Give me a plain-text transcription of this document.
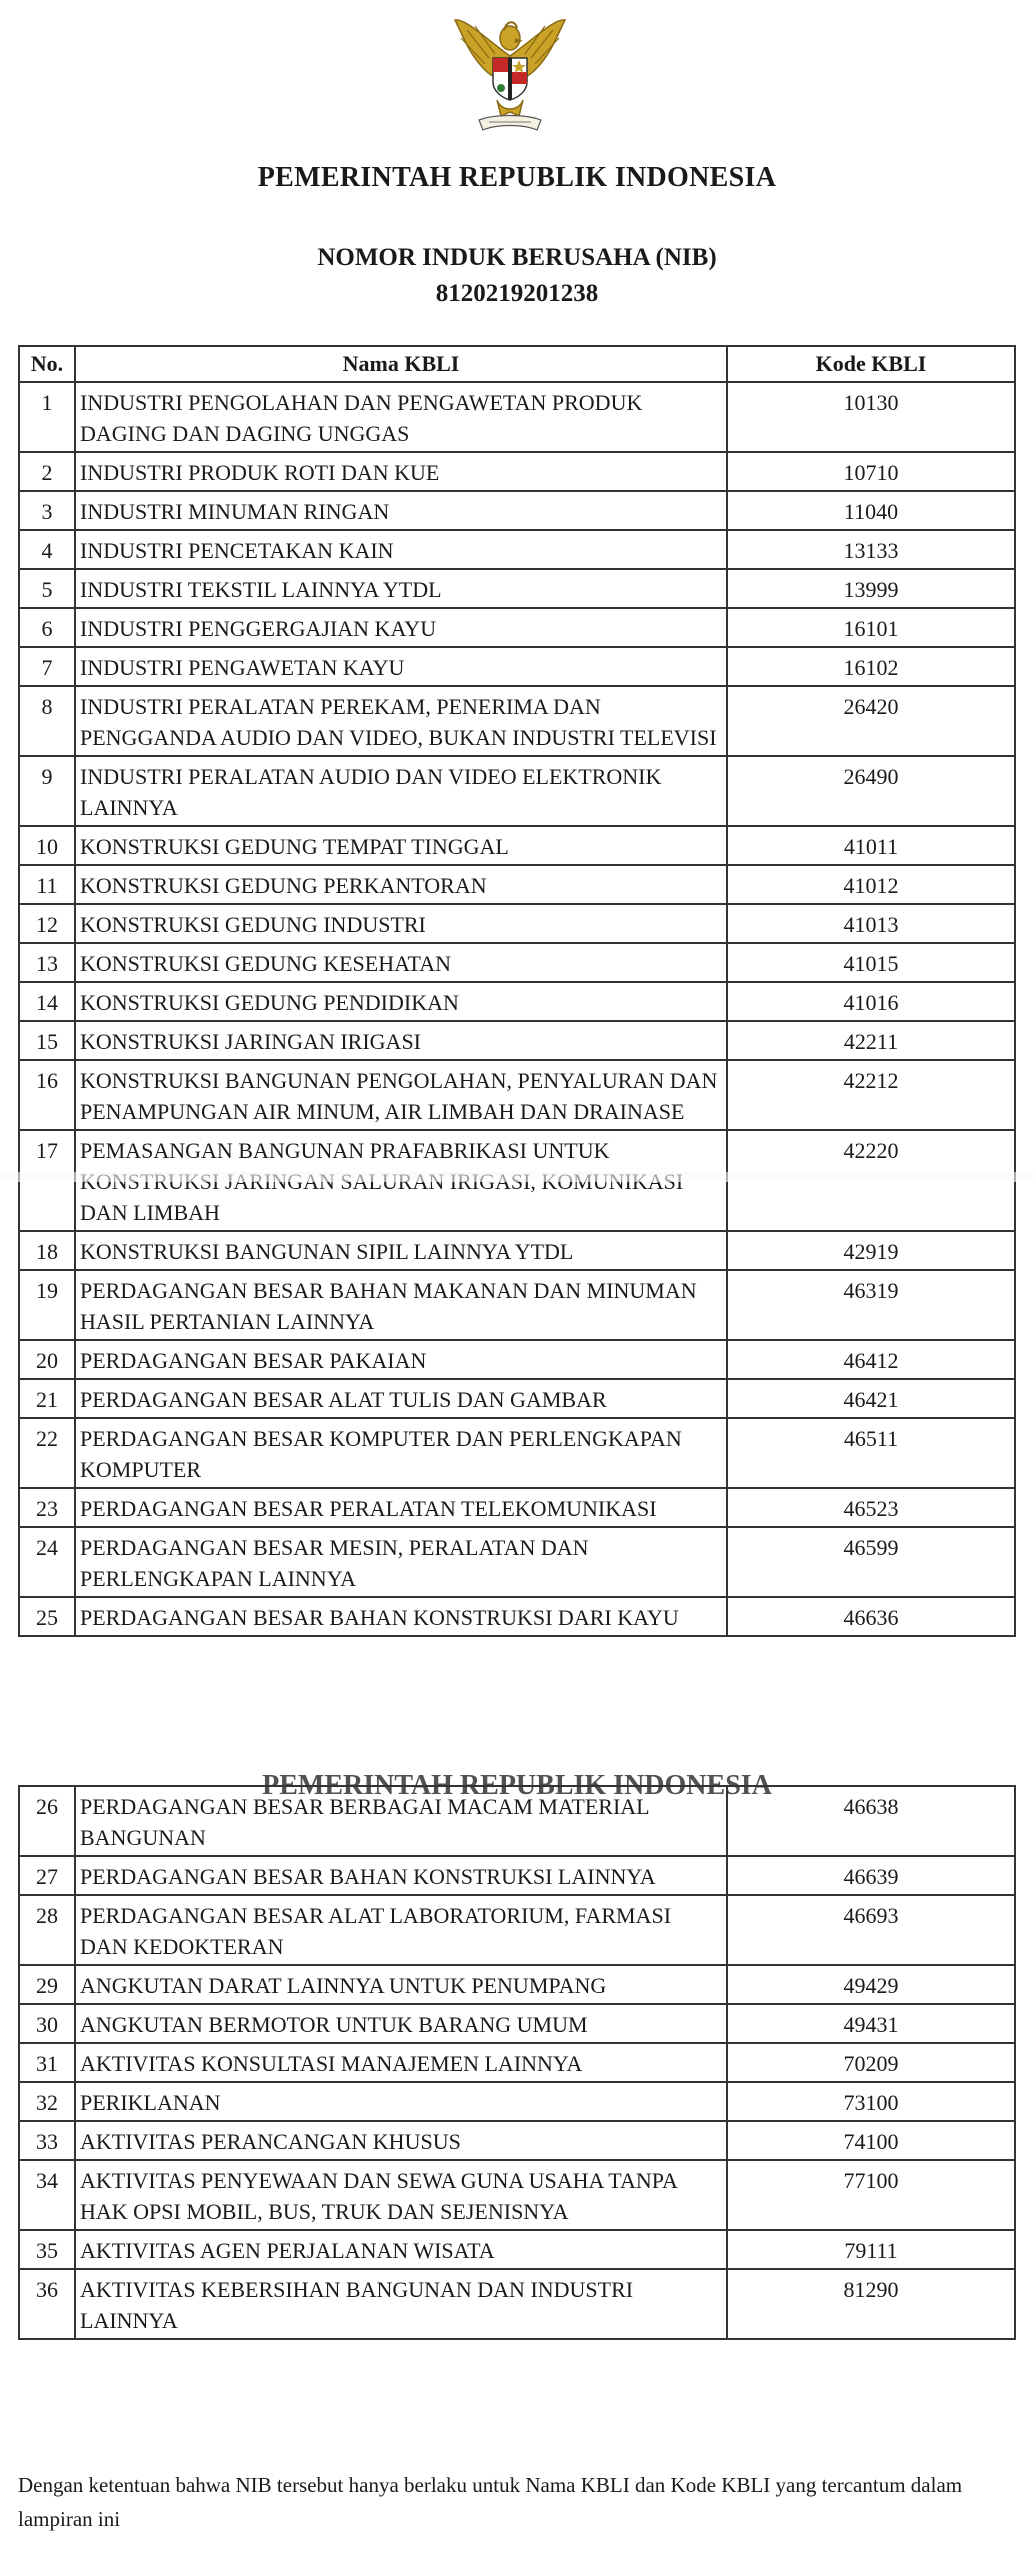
PEMERINTAH REPUBLIK INDONESIA
NOMOR INDUK BERUSAHA (NIB)
8120219201238
No.	Nama KBLI	Kode KBLI
1	INDUSTRI PENGOLAHAN DAN PENGAWETAN PRODUK DAGING DAN DAGING UNGGAS	10130
2	INDUSTRI PRODUK ROTI DAN KUE	10710
3	INDUSTRI MINUMAN RINGAN	11040
4	INDUSTRI PENCETAKAN KAIN	13133
5	INDUSTRI TEKSTIL LAINNYA YTDL	13999
6	INDUSTRI PENGGERGAJIAN KAYU	16101
7	INDUSTRI PENGAWETAN KAYU	16102
8	INDUSTRI PERALATAN PEREKAM, PENERIMA DAN PENGGANDA AUDIO DAN VIDEO, BUKAN INDUSTRI TELEVISI	26420
9	INDUSTRI PERALATAN AUDIO DAN VIDEO ELEKTRONIK LAINNYA	26490
10	KONSTRUKSI GEDUNG TEMPAT TINGGAL	41011
11	KONSTRUKSI GEDUNG PERKANTORAN	41012
12	KONSTRUKSI GEDUNG INDUSTRI	41013
13	KONSTRUKSI GEDUNG KESEHATAN	41015
14	KONSTRUKSI GEDUNG PENDIDIKAN	41016
15	KONSTRUKSI JARINGAN IRIGASI	42211
16	KONSTRUKSI BANGUNAN PENGOLAHAN, PENYALURAN DAN PENAMPUNGAN AIR MINUM, AIR LIMBAH DAN DRAINASE	42212
17	PEMASANGAN BANGUNAN PRAFABRIKASI UNTUK DAN LIMBAH	42220
18	KONSTRUKSI BANGUNAN SIPIL LAINNYA YTDL	42919
19	PERDAGANGAN BESAR BAHAN MAKANAN DAN MINUMAN HASIL PERTANIAN LAINNYA	46319
20	PERDAGANGAN BESAR PAKAIAN	46412
21	PERDAGANGAN BESAR ALAT TULIS DAN GAMBAR	46421
22	PERDAGANGAN BESAR KOMPUTER DAN PERLENGKAPAN KOMPUTER	46511
23	PERDAGANGAN BESAR PERALATAN TELEKOMUNIKASI	46523
24	PERDAGANGAN BESAR MESIN, PERALATAN DAN PERLENGKAPAN LAINNYA	46599
25	PERDAGANGAN BESAR BAHAN KONSTRUKSI DARI KAYU	46636
PEMERINTAH REPUBLIK INDONESIA
26	PERDAGANGAN BESAR BERBAGAI MACAM MATERIAL BANGUNAN	46638
27	PERDAGANGAN BESAR BAHAN KONSTRUKSI LAINNYA	46639
28	PERDAGANGAN BESAR ALAT LABORATORIUM, FARMASI DAN KEDOKTERAN	46693
29	ANGKUTAN DARAT LAINNYA UNTUK PENUMPANG	49429
30	ANGKUTAN BERMOTOR UNTUK BARANG UMUM	49431
31	AKTIVITAS KONSULTASI MANAJEMEN LAINNYA	70209
32	PERIKLANAN	73100
33	AKTIVITAS PERANCANGAN KHUSUS	74100
34	AKTIVITAS PENYEWAAN DAN SEWA GUNA USAHA TANPA HAK OPSI MOBIL, BUS, TRUK DAN SEJENISNYA	77100
35	AKTIVITAS AGEN PERJALANAN WISATA	79111
36	AKTIVITAS KEBERSIHAN BANGUNAN DAN INDUSTRI LAINNYA	81290
Dengan ketentuan bahwa NIB tersebut hanya berlaku untuk Nama KBLI dan Kode KBLI yang tercantum dalam lampiran ini
